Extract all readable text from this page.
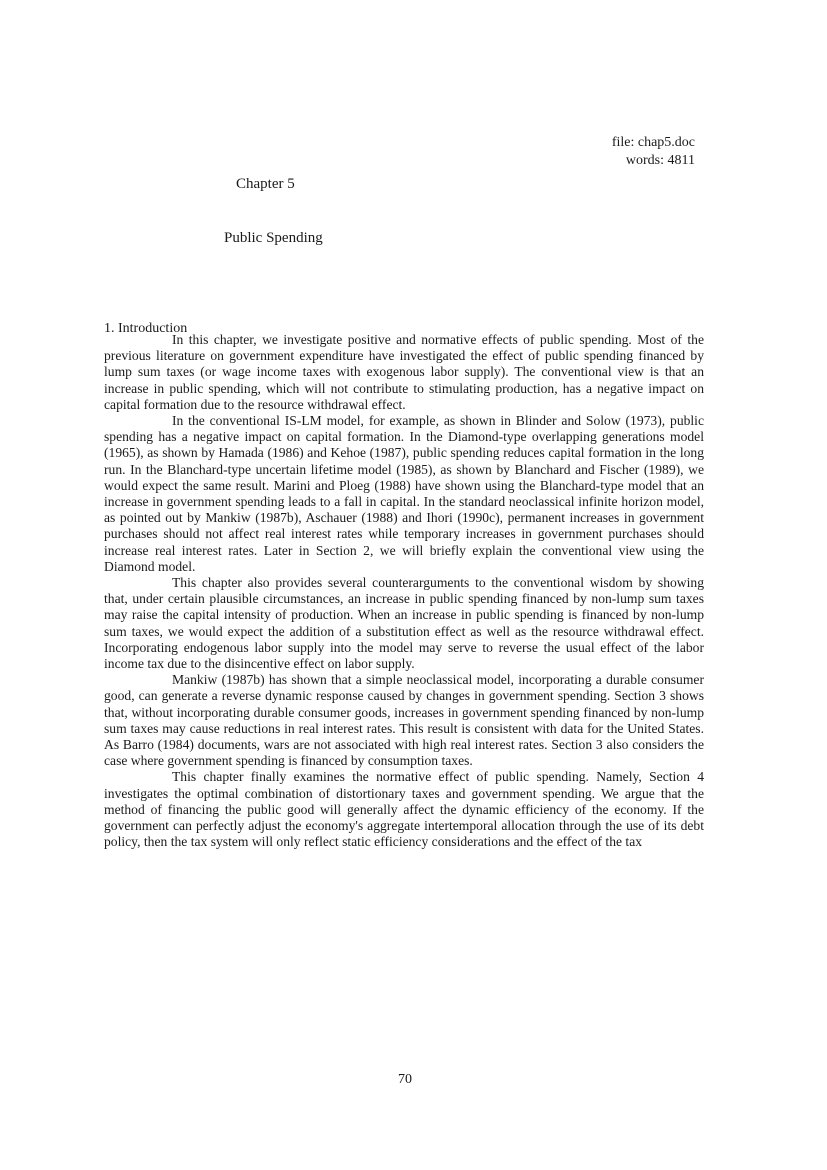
file: chap5.doc
words: 4811
Chapter 5
Public Spending
1. Introduction

In this chapter, we investigate positive and normative effects of public spending. Most of the previous literature on government expenditure have investigated the effect of public spending financed by lump sum taxes (or wage income taxes with exogenous labor supply). The conventional view is that an increase in public spending, which will not contribute to stimulating production, has a negative impact on capital formation due to the resource withdrawal effect.

In the conventional IS-LM model, for example, as shown in Blinder and Solow (1973), public spending has a negative impact on capital formation. In the Diamond-type overlapping generations model (1965), as shown by Hamada (1986) and Kehoe (1987), public spending reduces capital formation in the long run. In the Blanchard-type uncertain lifetime model (1985), as shown by Blanchard and Fischer (1989), we would expect the same result. Marini and Ploeg (1988) have shown using the Blanchard-type model that an increase in government spending leads to a fall in capital. In the standard neoclassical infinite horizon model, as pointed out by Mankiw (1987b), Aschauer (1988) and Ihori (1990c), permanent increases in government purchases should not affect real interest rates while temporary increases in government purchases should increase real interest rates. Later in Section 2, we will briefly explain the conventional view using the Diamond model.

This chapter also provides several counterarguments to the conventional wisdom by showing that, under certain plausible circumstances, an increase in public spending financed by non-lump sum taxes may raise the capital intensity of production. When an increase in public spending is financed by non-lump sum taxes, we would expect the addition of a substitution effect as well as the resource withdrawal effect. Incorporating endogenous labor supply into the model may serve to reverse the usual effect of the labor income tax due to the disincentive effect on labor supply.

Mankiw (1987b) has shown that a simple neoclassical model, incorporating a durable consumer good, can generate a reverse dynamic response caused by changes in government spending. Section 3 shows that, without incorporating durable consumer goods, increases in government spending financed by non-lump sum taxes may cause reductions in real interest rates. This result is consistent with data for the United States. As Barro (1984) documents, wars are not associated with high real interest rates. Section 3 also considers the case where government spending is financed by consumption taxes.

This chapter finally examines the normative effect of public spending. Namely, Section 4 investigates the optimal combination of distortionary taxes and government spending. We argue that the method of financing the public good will generally affect the dynamic efficiency of the economy. If the government can perfectly adjust the economy's aggregate intertemporal allocation through the use of its debt policy, then the tax system will only reflect static efficiency considerations and the effect of the tax

70
